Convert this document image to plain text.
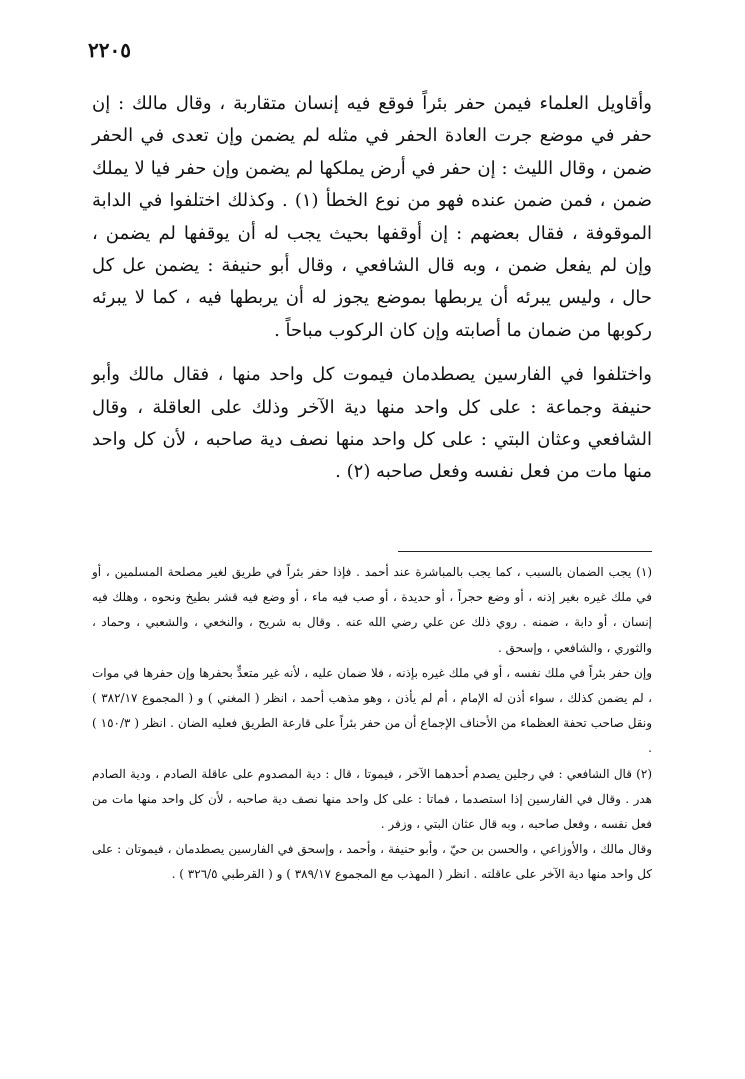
٢٢٠٥

وأقاويل العلماء فيمن حفر بئراً فوقع فيه إنسان متقاربة ، وقال مالك : إن حفر في موضع جرت العادة الحفر في مثله لم يضمن وإن تعدى في الحفر ضمن ، وقال الليث : إن حفر في أرض يملكها لم يضمن وإن حفر فيا لا يملك ضمن ، فمن ضمن عنده فهو من نوع الخطأ (١) . وكذلك اختلفوا في الدابة الموقوفة ، فقال بعضهم : إن أوقفها بحيث يجب له أن يوقفها لم يضمن ، وإن لم يفعل ضمن ، وبه قال الشافعي ، وقال أبو حنيفة : يضمن عل كل حال ، وليس يبرئه أن يربطها بموضع يجوز له أن يربطها فيه ، كما لا يبرئه ركوبها من ضمان ما أصابته وإن كان الركوب مباحاً .

واختلفوا في الفارسين يصطدمان فيموت كل واحد منها ، فقال مالك وأبو حنيفة وجماعة : على كل واحد منها دية الآخر وذلك على العاقلة ، وقال الشافعي وعثان البتي : على كل واحد منها نصف دية صاحبه ، لأن كل واحد منها مات من فعل نفسه وفعل صاحبه (٢) .

(١) يجب الضمان بالسبب ، كما يجب بالمباشرة عند أحمد . فإذا حفر بئراً في طريق لغير مصلحة المسلمين ، أو في ملك غيره بغير إذنه ، أو وضع حجراً ، أو حديدة ، أو صب فيه ماء ، أو وضع فيه قشر بطيخ ونحوه ، وهلك فيه إنسان ، أو دابة ، ضمنه . روي ذلك عن علي رضي الله عنه . وقال به شريح ، والنخعي ، والشعبي ، وحماد ، والثوري ، والشافعي ، وإسحق .

وإن حفر بئراً في ملك نفسه ، أو في ملك غيره بإذنه ، فلا ضمان عليه ، لأنه غير متعدٍّ بحفرها وإن حفرها في موات ، لم يضمن كذلك ، سواء أذن له الإمام ، أم لم يأذن ، وهو مذهب أحمد ، انظر ( المغني ) و ( المجموع ٣٨٢/١٧ ) ونقل صاحب تحفة العظماء من الأحناف الإجماع أن من حفر بئراً على قارعة الطريق فعليه الضان . انظر ( ١٥٠/٣ ) .

(٢) قال الشافعي : في رجلين يصدم أحدهما الآخر ، فيموتا ، قال : دية المصدوم على عاقلة الصادم ، ودية الصادم هدر . وقال في الفارسين إذا استصدما ، فماتا : على كل واحد منها نصف دية صاحبه ، لأن كل واحد منها مات من فعل نفسه ، وفعل صاحبه ، وبه قال عثان البتي ، وزفر .

وقال مالك ، والأوزاعي ، والحسن بن حيّ ، وأبو حنيفة ، وأحمد ، وإسحق في الفارسين يصطدمان ، فيموتان : على كل واحد منها دية الآخر على عاقلته . انظر ( المهذب مع المجموع ٣٨٩/١٧ ) و ( القرطبي ٣٢٦/٥ ) .
